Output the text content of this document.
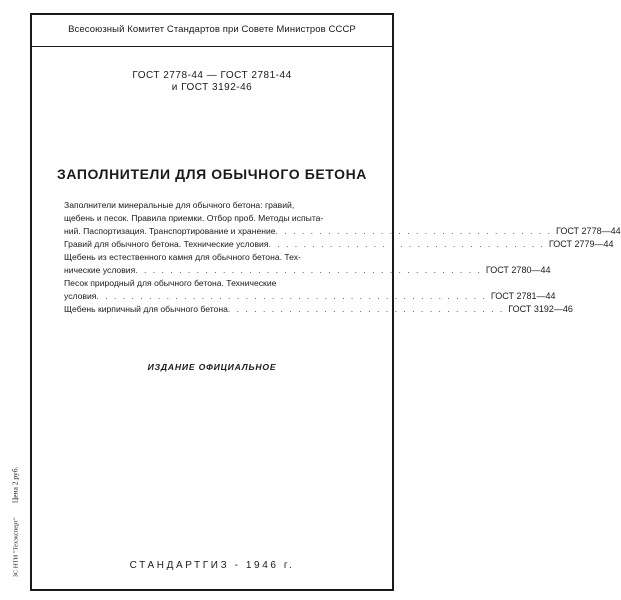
Всесоюзный Комитет Стандартов при Совете Министров СССР
ГОСТ 2778-44 — ГОСТ 2781-44
и ГОСТ 3192-46
ЗАПОЛНИТЕЛИ ДЛЯ ОБЫЧНОГО БЕТОНА
Заполнители минеральные для обычного бетона: гравий,
щебень и песок. Правила приемки. Отбор проб. Методы испыта-
ний. Паспортизация. Транспортирование и хранение . . . . . . . . . . . . . . . . . . . . . . . . . . . . . . . . ГОСТ 2778—44
Гравий для обычного бетона. Технические условия . . . . . . . . . . . . . . . . . . . . . . . . . . . . . . . . ГОСТ 2779—44
Щебень из естественного камня для обычного бетона. Тех-
нические условия . . . . . . . . . . . . . . . . . . . . . . . . . . . . . . . . . . . . . . . . ГОСТ 2780—44
Песок природный для обычного бетона. Технические
условия . . . . . . . . . . . . . . . . . . . . . . . . . . . . . . . . . . . . . . . . . . . . . ГОСТ 2781—44
Щебень кирпичный для обычного бетона . . . . . . . . . . . . . . . . . . . . . . . . . . . . . . . . ГОСТ 3192—46
ИЗДАНИЕ ОФИЦИАЛЬНОЕ
СТАНДАРТГИЗ - 1946 г.
ЗС НТИ "Техэксперт"Цена 2 руб.
